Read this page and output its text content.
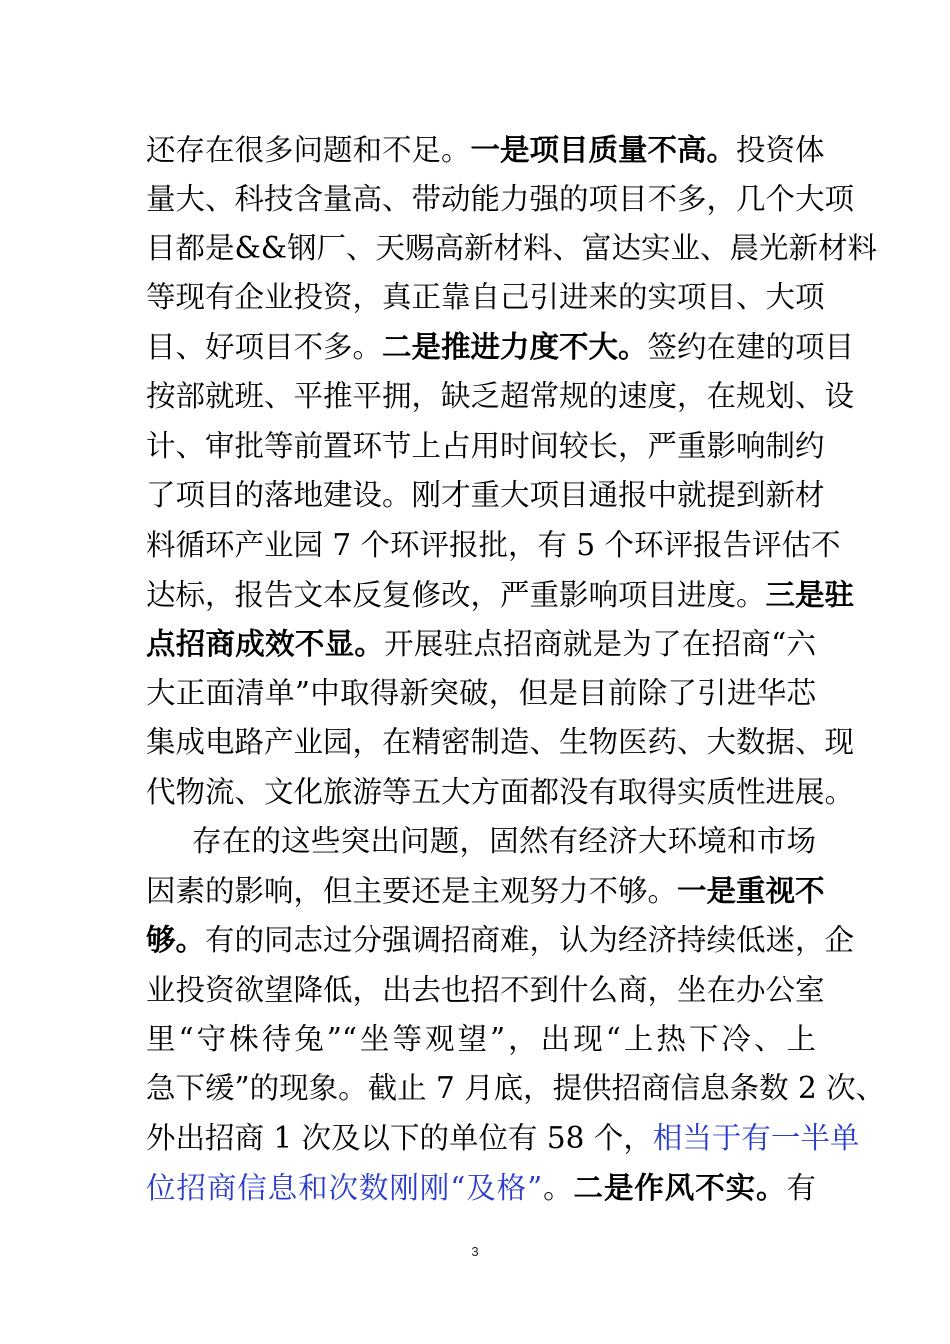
还存在很多问题和不足。一是项目质量不高。投资体
量大、科技含量高、带动能力强的项目不多，几个大项
目都是&&钢厂、天赐高新材料、富达实业、晨光新材料
等现有企业投资，真正靠自己引进来的实项目、大项
目、好项目不多。二是推进力度不大。签约在建的项目
按部就班、平推平拥，缺乏超常规的速度，在规划、设
计、审批等前置环节上占用时间较长，严重影响制约
了项目的落地建设。刚才重大项目通报中就提到新材
料循环产业园 7 个环评报批，有 5 个环评报告评估不
达标，报告文本反复修改，严重影响项目进度。三是驻
点招商成效不显。开展驻点招商就是为了在招商“六
大正面清单”中取得新突破，但是目前除了引进华芯
集成电路产业园，在精密制造、生物医药、大数据、现
代物流、文化旅游等五大方面都没有取得实质性进展。
存在的这些突出问题，固然有经济大环境和市场
因素的影响，但主要还是主观努力不够。一是重视不
够。有的同志过分强调招商难，认为经济持续低迷，企
业投资欲望降低，出去也招不到什么商，坐在办公室
里“守株待兔”“坐等观望”，出现“上热下冷、上
急下缓”的现象。截止 7 月底，提供招商信息条数 2 次、
外出招商 1 次及以下的单位有 58 个，相当于有一半单
位招商信息和次数刚刚“及格”。二是作风不实。有
3
